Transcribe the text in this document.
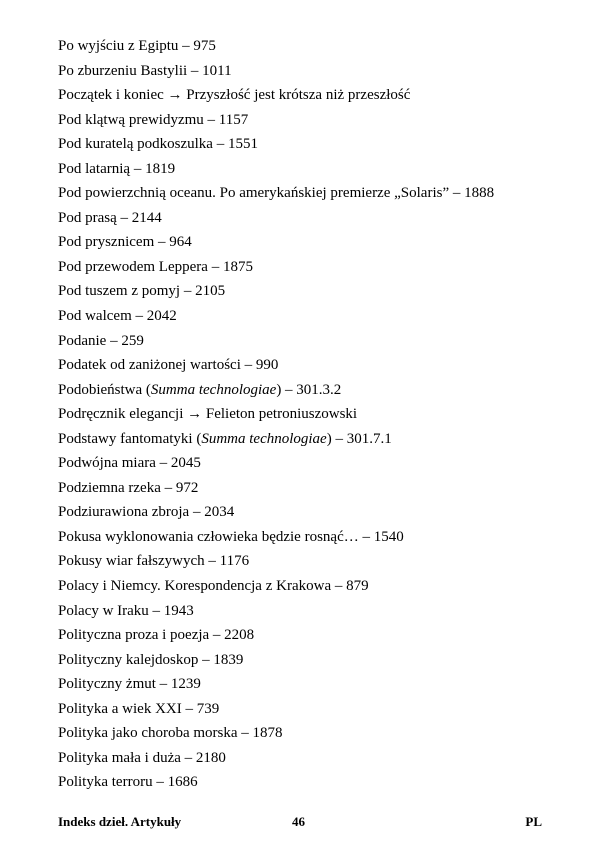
Po wyjściu z Egiptu – 975
Po zburzeniu Bastylii – 1011
Początek i koniec → Przyszłość jest krótsza niż przeszłość
Pod klątwą prewidyzmu – 1157
Pod kuratelą podkoszulka – 1551
Pod latarnią – 1819
Pod powierzchnią oceanu. Po amerykańskiej premierze „Solaris” – 1888
Pod prasą – 2144
Pod prysznicem – 964
Pod przewodem Leppera – 1875
Pod tuszem z pomyj – 2105
Pod walcem – 2042
Podanie – 259
Podatek od zaniżonej wartości – 990
Podobieństwa (Summa technologiae) – 301.3.2
Podręcznik elegancji → Felieton petroniuszowski
Podstawy fantomatyki (Summa technologiae) – 301.7.1
Podwójna miara – 2045
Podziemna rzeka – 972
Podziurawiona zbroja – 2034
Pokusa wyklonowania człowieka będzie rosnąć… – 1540
Pokusy wiar fałszywych – 1176
Polacy i Niemcy. Korespondencja z Krakowa – 879
Polacy w Iraku – 1943
Polityczna proza i poezja – 2208
Polityczny kalejdoskop – 1839
Polityczny żmut – 1239
Polityka a wiek XXI – 739
Polityka jako choroba morska – 1878
Polityka mała i duża – 2180
Polityka terroru – 1686
Indeks dzieł. Artykuły	46	PL
